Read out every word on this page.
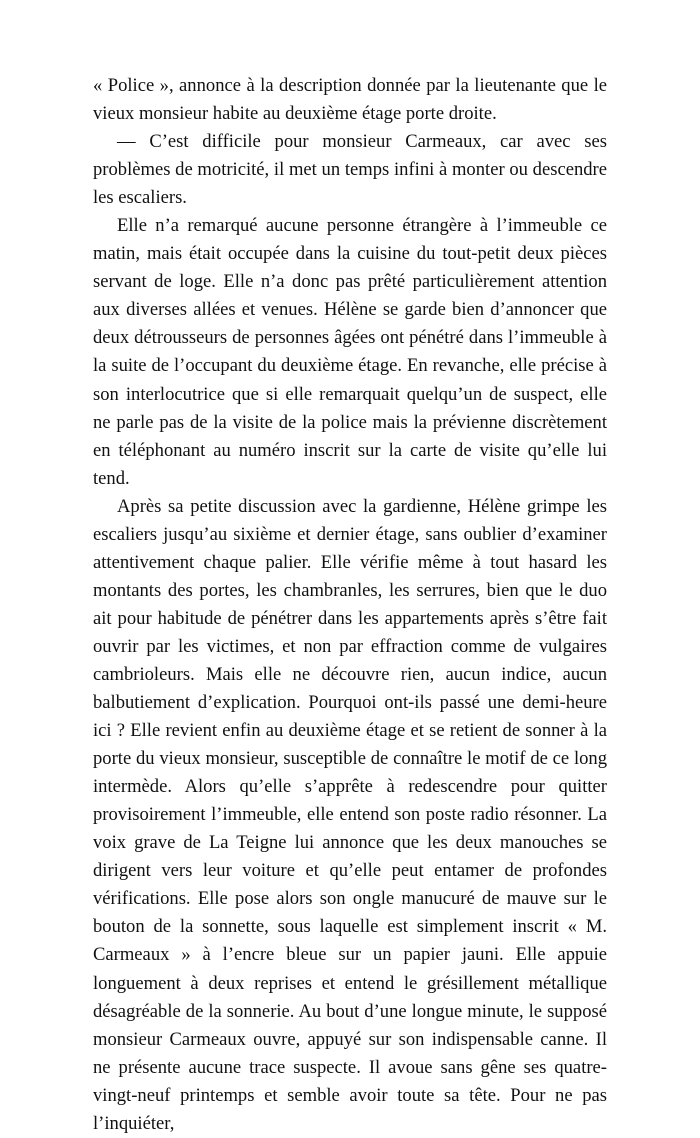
« Police », annonce à la description donnée par la lieutenante que le vieux monsieur habite au deuxième étage porte droite.

— C’est difficile pour monsieur Carmeaux, car avec ses problèmes de motricité, il met un temps infini à monter ou descendre les escaliers.

Elle n’a remarqué aucune personne étrangère à l’immeuble ce matin, mais était occupée dans la cuisine du tout-petit deux pièces servant de loge. Elle n’a donc pas prêté particulièrement attention aux diverses allées et venues. Hélène se garde bien d’annoncer que deux détrousseurs de personnes âgées ont pénétré dans l’immeuble à la suite de l’occupant du deuxième étage. En revanche, elle précise à son interlocutrice que si elle remarquait quelqu’un de suspect, elle ne parle pas de la visite de la police mais la prévienne discrètement en téléphonant au numéro inscrit sur la carte de visite qu’elle lui tend.

Après sa petite discussion avec la gardienne, Hélène grimpe les escaliers jusqu’au sixième et dernier étage, sans oublier d’examiner attentivement chaque palier. Elle vérifie même à tout hasard les montants des portes, les chambranles, les serrures, bien que le duo ait pour habitude de pénétrer dans les appartements après s’être fait ouvrir par les victimes, et non par effraction comme de vulgaires cambrioleurs. Mais elle ne découvre rien, aucun indice, aucun balbutiement d’explication. Pourquoi ont-ils passé une demi-heure ici ? Elle revient enfin au deuxième étage et se retient de sonner à la porte du vieux monsieur, susceptible de connaître le motif de ce long intermède. Alors qu’elle s’apprête à redescendre pour quitter provisoirement l’immeuble, elle entend son poste radio résonner. La voix grave de La Teigne lui annonce que les deux manouches se dirigent vers leur voiture et qu’elle peut entamer de profondes vérifications. Elle pose alors son ongle manucuré de mauve sur le bouton de la sonnette, sous laquelle est simplement inscrit « M. Carmeaux » à l’encre bleue sur un papier jauni. Elle appuie longuement à deux reprises et entend le grésillement métallique désagréable de la sonnerie. Au bout d’une longue minute, le supposé monsieur Carmeaux ouvre, appuyé sur son indispensable canne. Il ne présente aucune trace suspecte. Il avoue sans gêne ses quatre-vingt-neuf printemps et semble avoir toute sa tête. Pour ne pas l’inquiéter,
